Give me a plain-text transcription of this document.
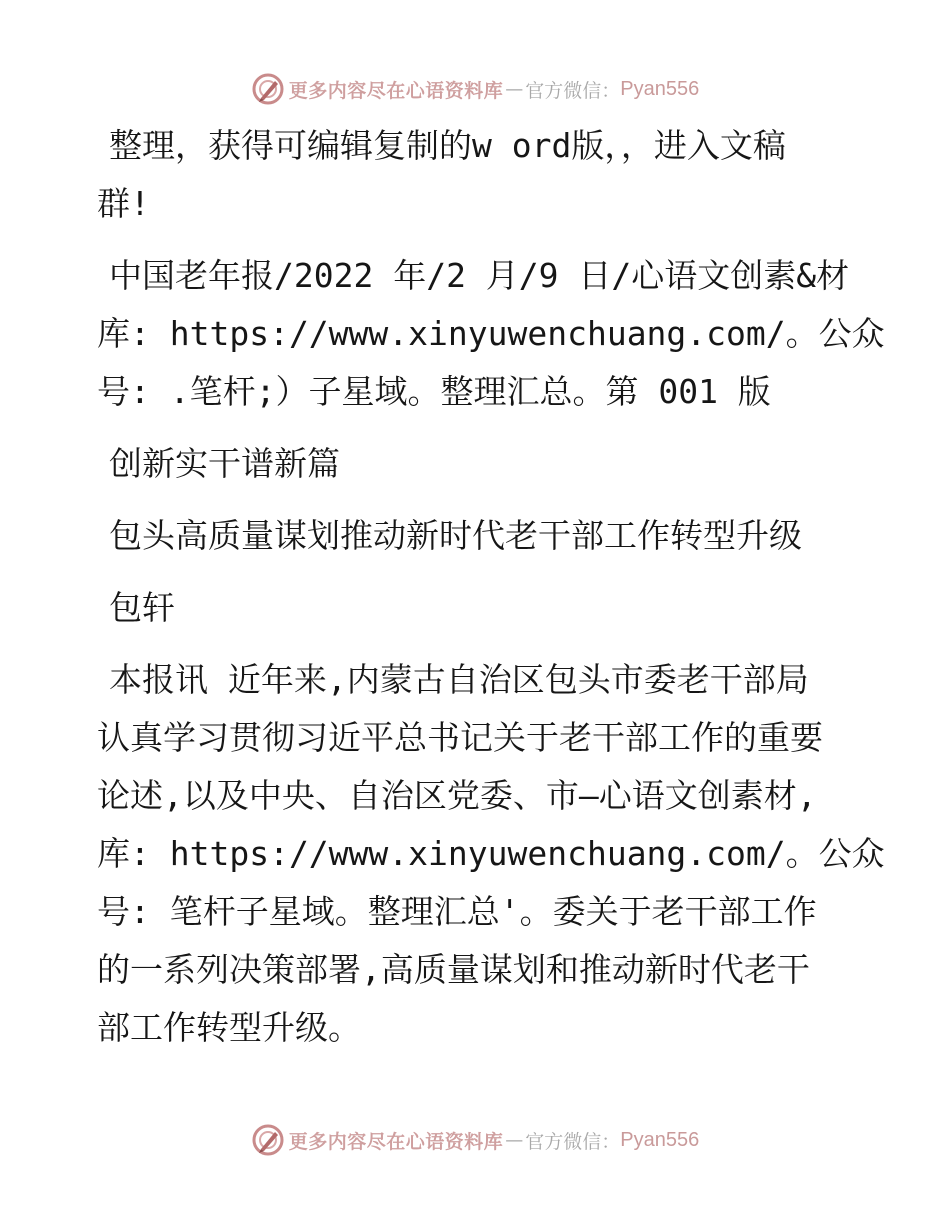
更多内容尽在心语资料库 — 官方微信： Pyan556

整理，获得可编辑复制的w ord版，，进入文稿
群!

中国老年报/2022 年/2 月/9 日/心语文创素&材
库: https://www.xinyuwenchuang.com/。公众
号: .笔杆;）子星域。整理汇总。第 001 版

创新实干谱新篇

包头高质量谋划推动新时代老干部工作转型升级

包轩

本报讯 近年来,内蒙古自治区包头市委老干部局
认真学习贯彻习近平总书记关于老干部工作的重要
论述,以及中央、自治区党委、市—心语文创素材,
库: https://www.xinyuwenchuang.com/。公众
号: 笔杆子星域。整理汇总'。委关于老干部工作
的一系列决策部署,高质量谋划和推动新时代老干
部工作转型升级。

更多内容尽在心语资料库 — 官方微信： Pyan556
